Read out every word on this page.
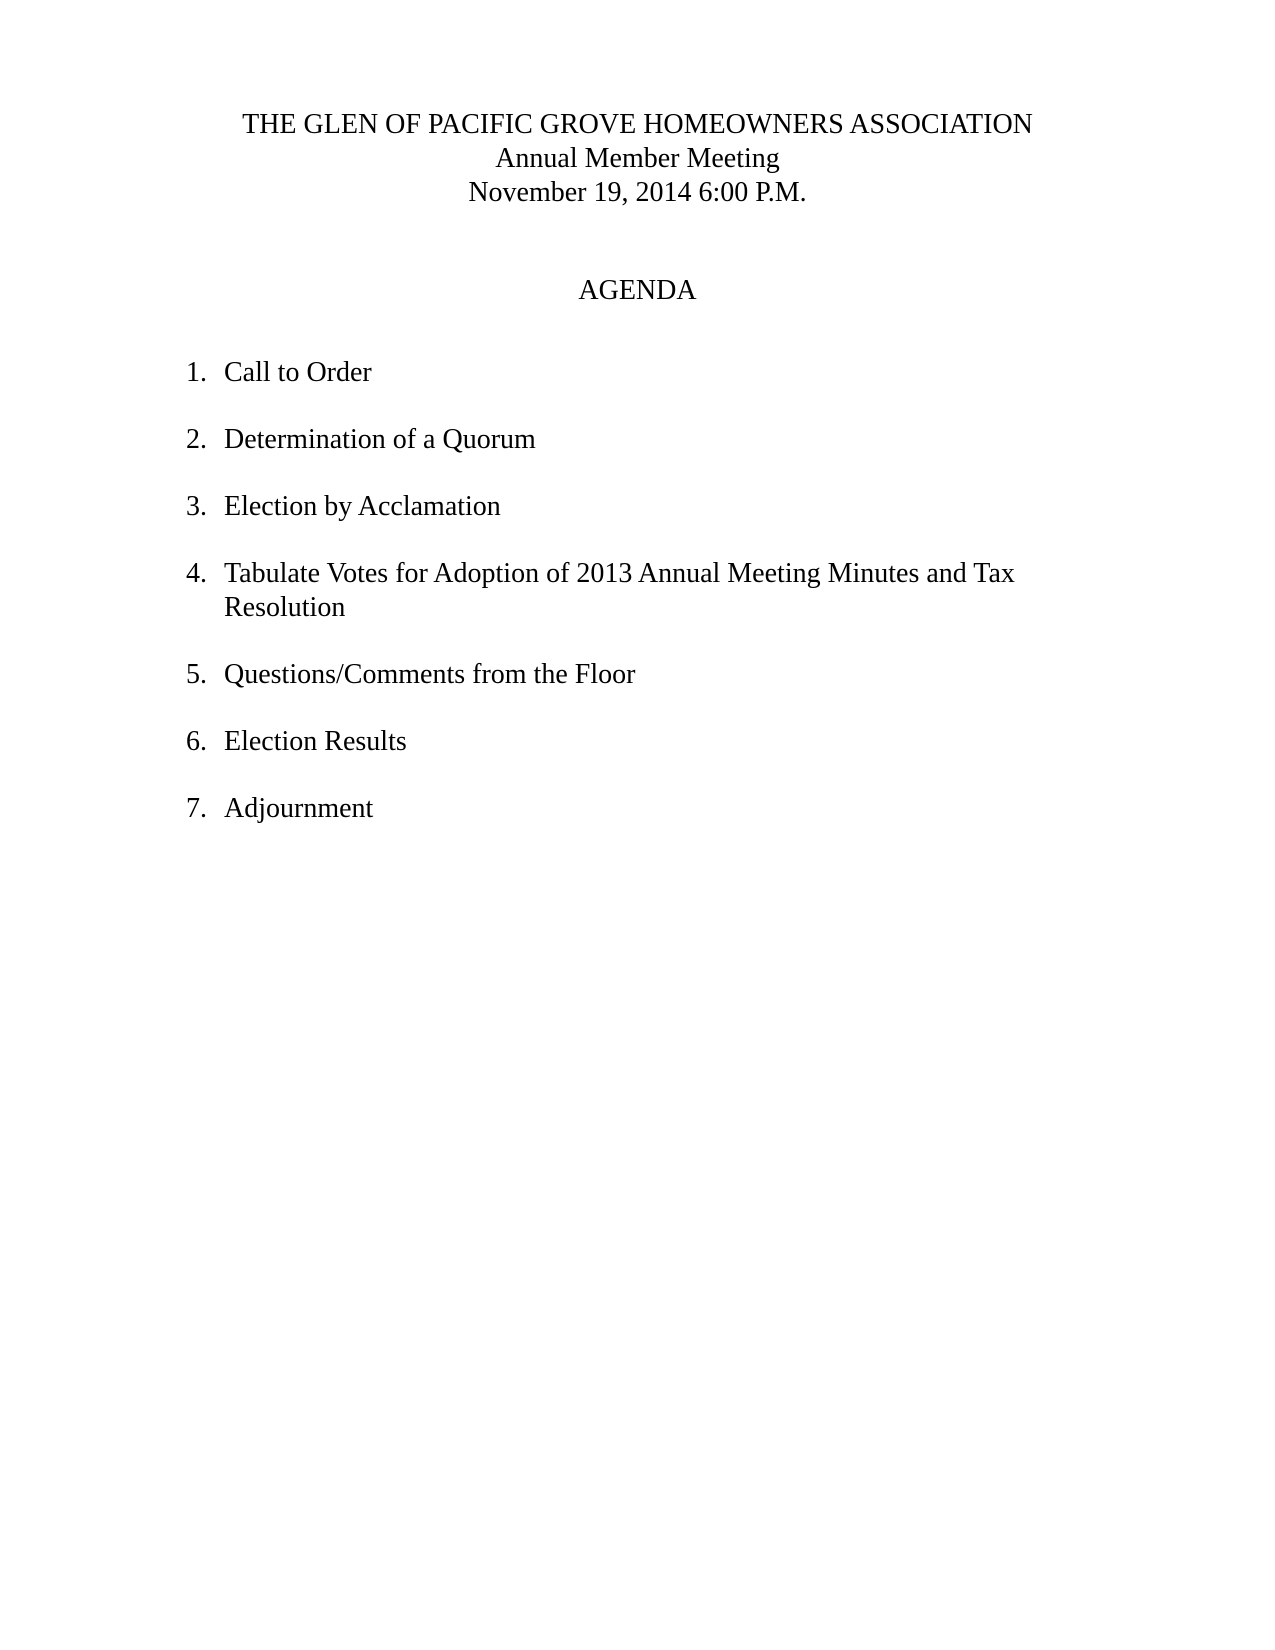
THE GLEN OF PACIFIC GROVE HOMEOWNERS ASSOCIATION
Annual Member Meeting
November 19, 2014 6:00 P.M.
AGENDA
1. Call to Order
2. Determination of a Quorum
3. Election by Acclamation
4. Tabulate Votes for Adoption of 2013 Annual Meeting Minutes and Tax Resolution
5. Questions/Comments from the Floor
6. Election Results
7. Adjournment
